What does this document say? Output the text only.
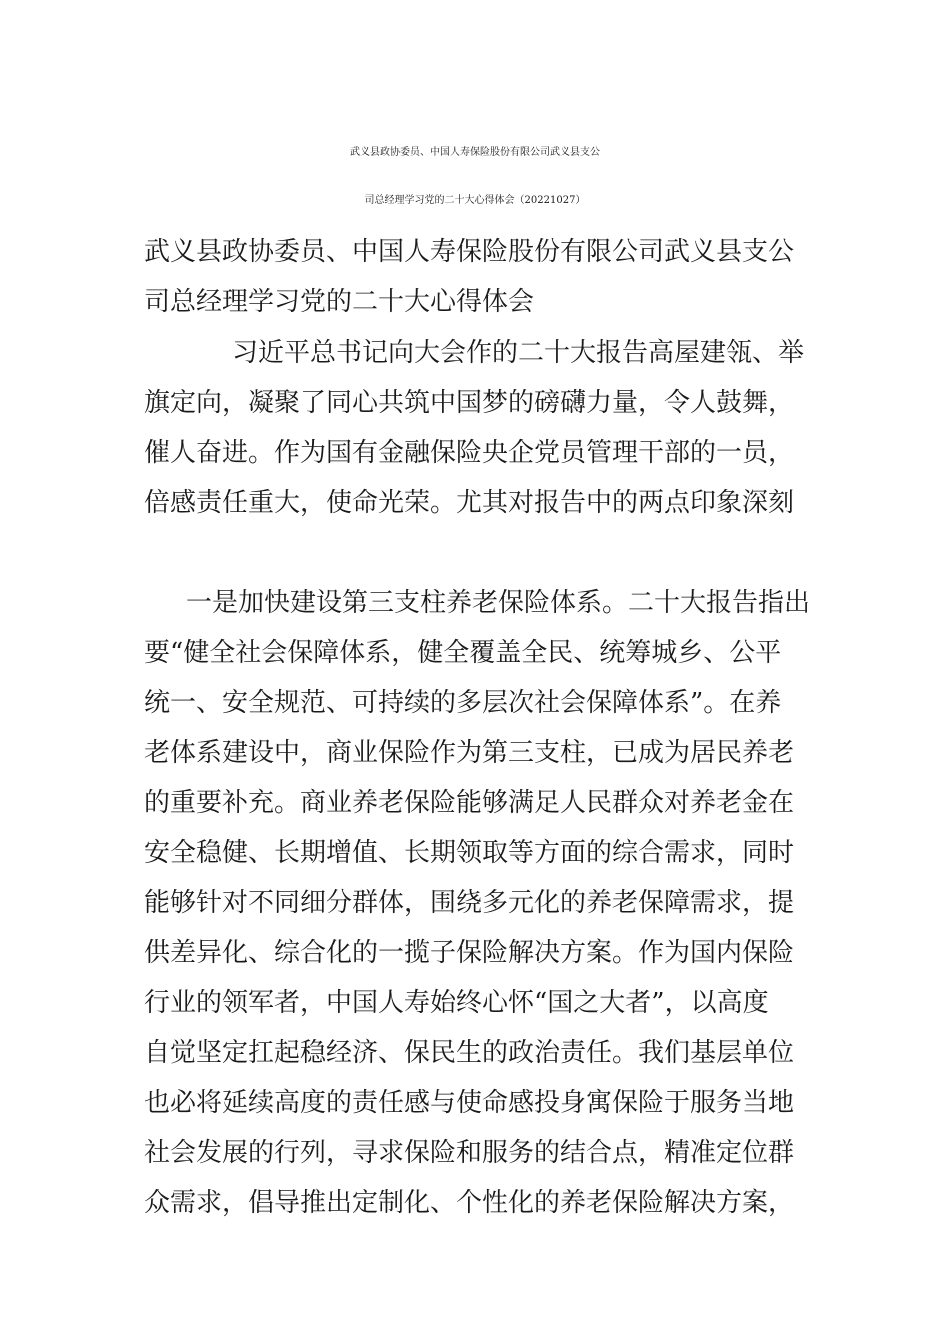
武义县政协委员、中国人寿保险股份有限公司武义县支公
司总经理学习党的二十大心得体会（20221027）
武义县政协委员、中国人寿保险股份有限公司武义县支公
司总经理学习党的二十大心得体会
习近平总书记向大会作的二十大报告高屋建瓴、举
旗定向，凝聚了同心共筑中国梦的磅礴力量，令人鼓舞，
催人奋进。作为国有金融保险央企党员管理干部的一员，
倍感责任重大，使命光荣。尤其对报告中的两点印象深刻
一是加快建设第三支柱养老保险体系。二十大报告指出
要“健全社会保障体系，健全覆盖全民、统筹城乡、公平
统一、安全规范、可持续的多层次社会保障体系”。在养
老体系建设中，商业保险作为第三支柱，已成为居民养老
的重要补充。商业养老保险能够满足人民群众对养老金在
安全稳健、长期增值、长期领取等方面的综合需求，同时
能够针对不同细分群体，围绕多元化的养老保障需求，提
供差异化、综合化的一揽子保险解决方案。作为国内保险
行业的领军者，中国人寿始终心怀“国之大者”，以高度
自觉坚定扛起稳经济、保民生的政治责任。我们基层单位
也必将延续高度的责任感与使命感投身寓保险于服务当地
社会发展的行列，寻求保险和服务的结合点，精准定位群
众需求，倡导推出定制化、个性化的养老保险解决方案，
